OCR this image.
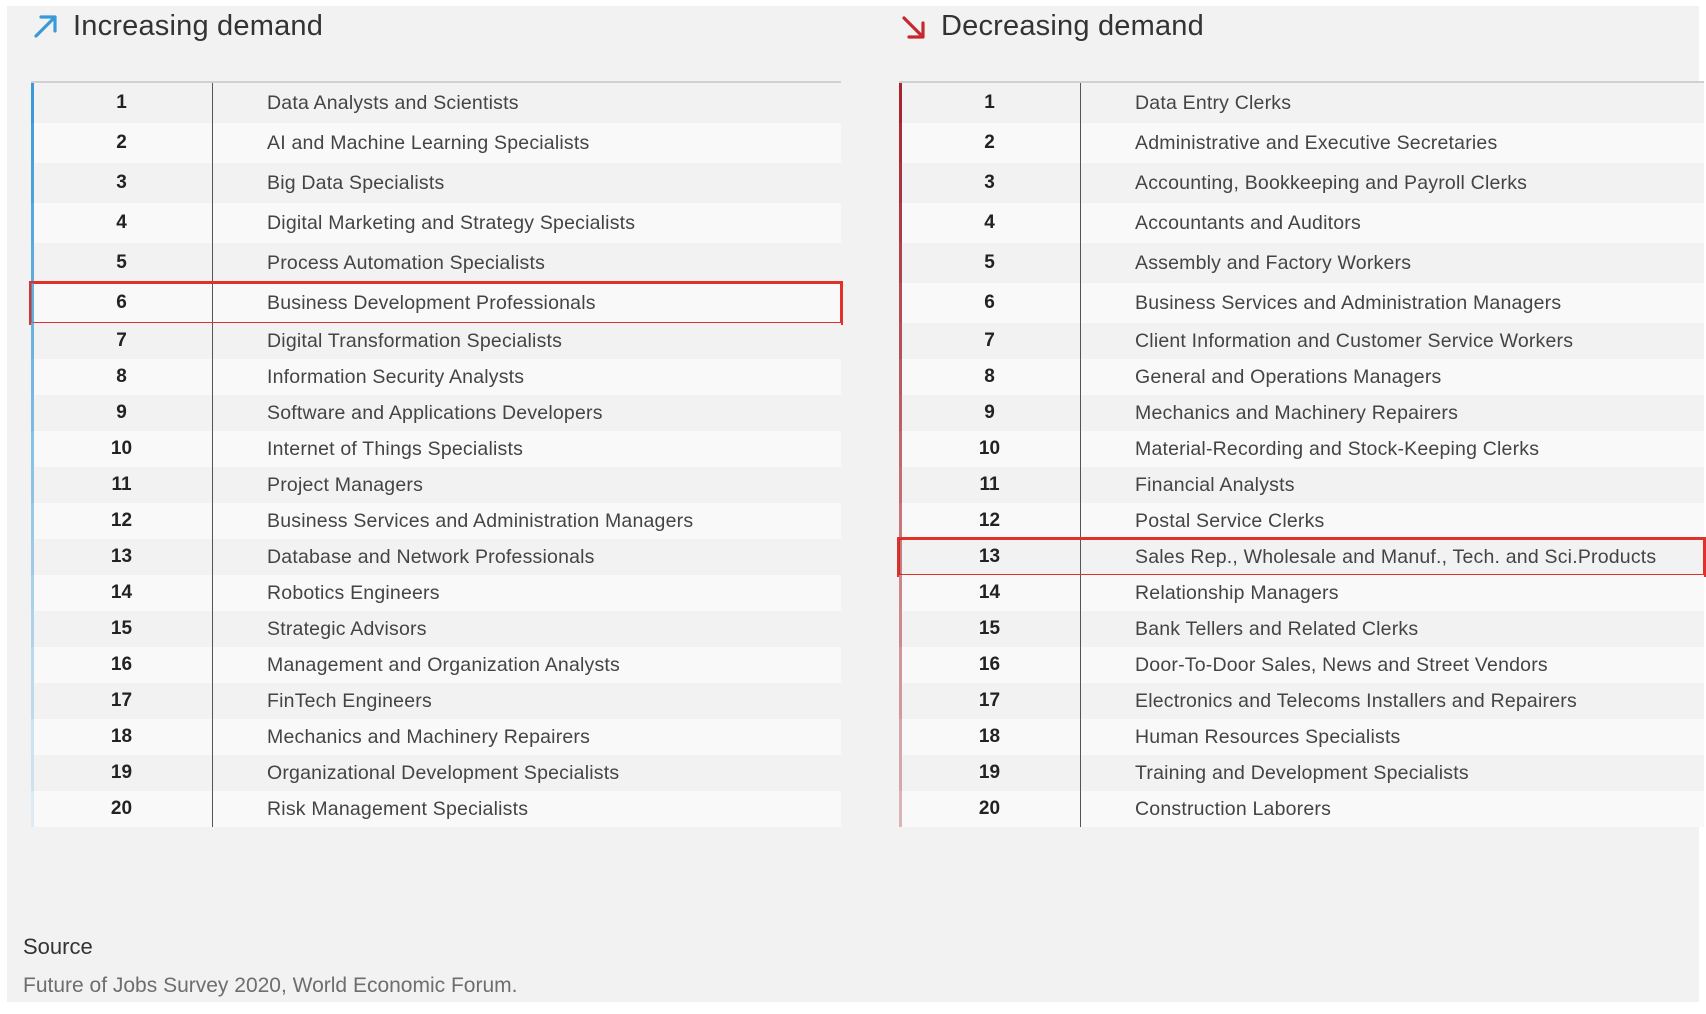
Increasing demand
1	Data Analysts and Scientists
2	AI and Machine Learning Specialists
3	Big Data Specialists
4	Digital Marketing and Strategy Specialists
5	Process Automation Specialists
6	Business Development Professionals
7	Digital Transformation Specialists
8	Information Security Analysts
9	Software and Applications Developers
10	Internet of Things Specialists
11	Project Managers
12	Business Services and Administration Managers
13	Database and Network Professionals
14	Robotics Engineers
15	Strategic Advisors
16	Management and Organization Analysts
17	FinTech Engineers
18	Mechanics and Machinery Repairers
19	Organizational Development Specialists
20	Risk Management Specialists
Decreasing demand
1	Data Entry Clerks
2	Administrative and Executive Secretaries
3	Accounting, Bookkeeping and Payroll Clerks
4	Accountants and Auditors
5	Assembly and Factory Workers
6	Business Services and Administration Managers
7	Client Information and Customer Service Workers
8	General and Operations Managers
9	Mechanics and Machinery Repairers
10	Material-Recording and Stock-Keeping Clerks
11	Financial Analysts
12	Postal Service Clerks
13	Sales Rep., Wholesale and Manuf., Tech. and Sci.Products
14	Relationship Managers
15	Bank Tellers and Related Clerks
16	Door-To-Door Sales, News and Street Vendors
17	Electronics and Telecoms Installers and Repairers
18	Human Resources Specialists
19	Training and Development Specialists
20	Construction Laborers
Source
Future of Jobs Survey 2020, World Economic Forum.
